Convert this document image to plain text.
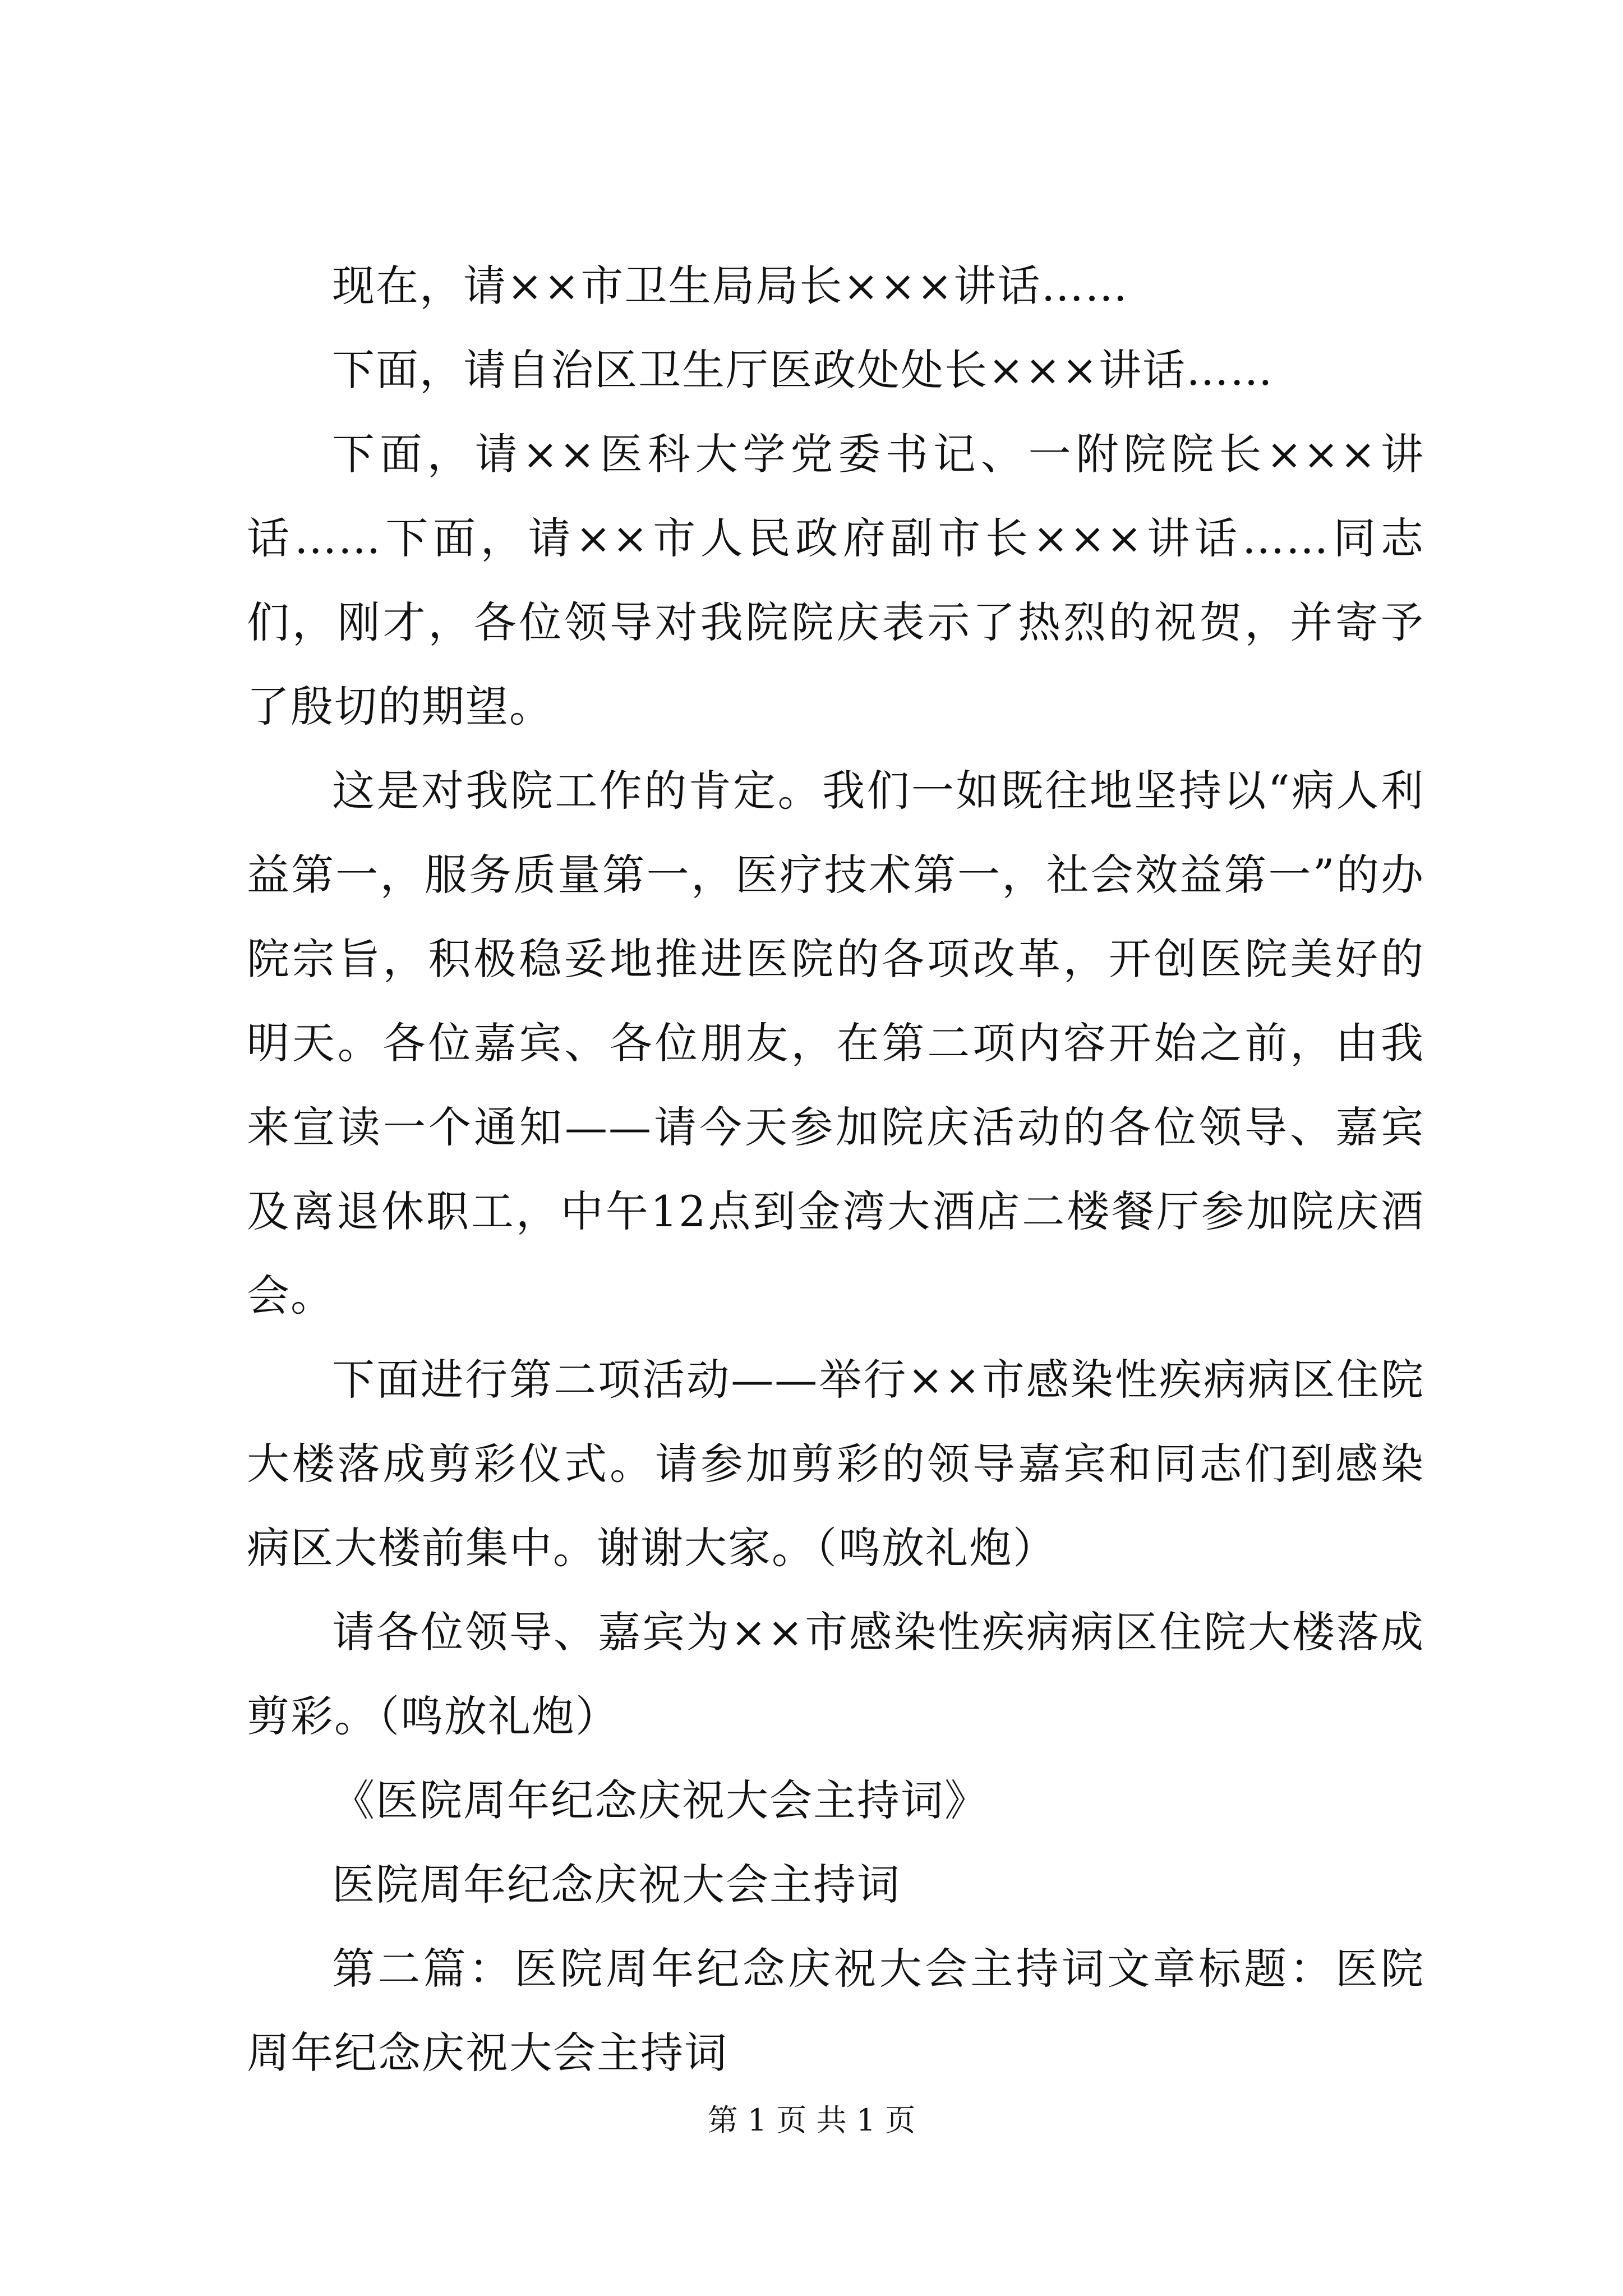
现在，请××市卫生局局长×××讲话……

下面，请自治区卫生厅医政处处长×××讲话……

下面，请××医科大学党委书记、一附院院长×××讲话……下面，请××市人民政府副市长×××讲话……同志们，刚才，各位领导对我院院庆表示了热烈的祝贺，并寄予了殷切的期望。

这是对我院工作的肯定。我们一如既往地坚持以“病人利益第一，服务质量第一，医疗技术第一，社会效益第一”的办院宗旨，积极稳妥地推进医院的各项改革，开创医院美好的明天。各位嘉宾、各位朋友，在第二项内容开始之前，由我来宣读一个通知——请今天参加院庆活动的各位领导、嘉宾及离退休职工，中午12点到金湾大酒店二楼餐厅参加院庆酒会。

下面进行第二项活动——举行××市感染性疾病病区住院大楼落成剪彩仪式。请参加剪彩的领导嘉宾和同志们到感染病区大楼前集中。谢谢大家。（鸣放礼炮）

请各位领导、嘉宾为××市感染性疾病病区住院大楼落成剪彩。（鸣放礼炮）

《医院周年纪念庆祝大会主持词》

医院周年纪念庆祝大会主持词

第二篇：医院周年纪念庆祝大会主持词文章标题：医院周年纪念庆祝大会主持词

第 1 页 共 1 页
